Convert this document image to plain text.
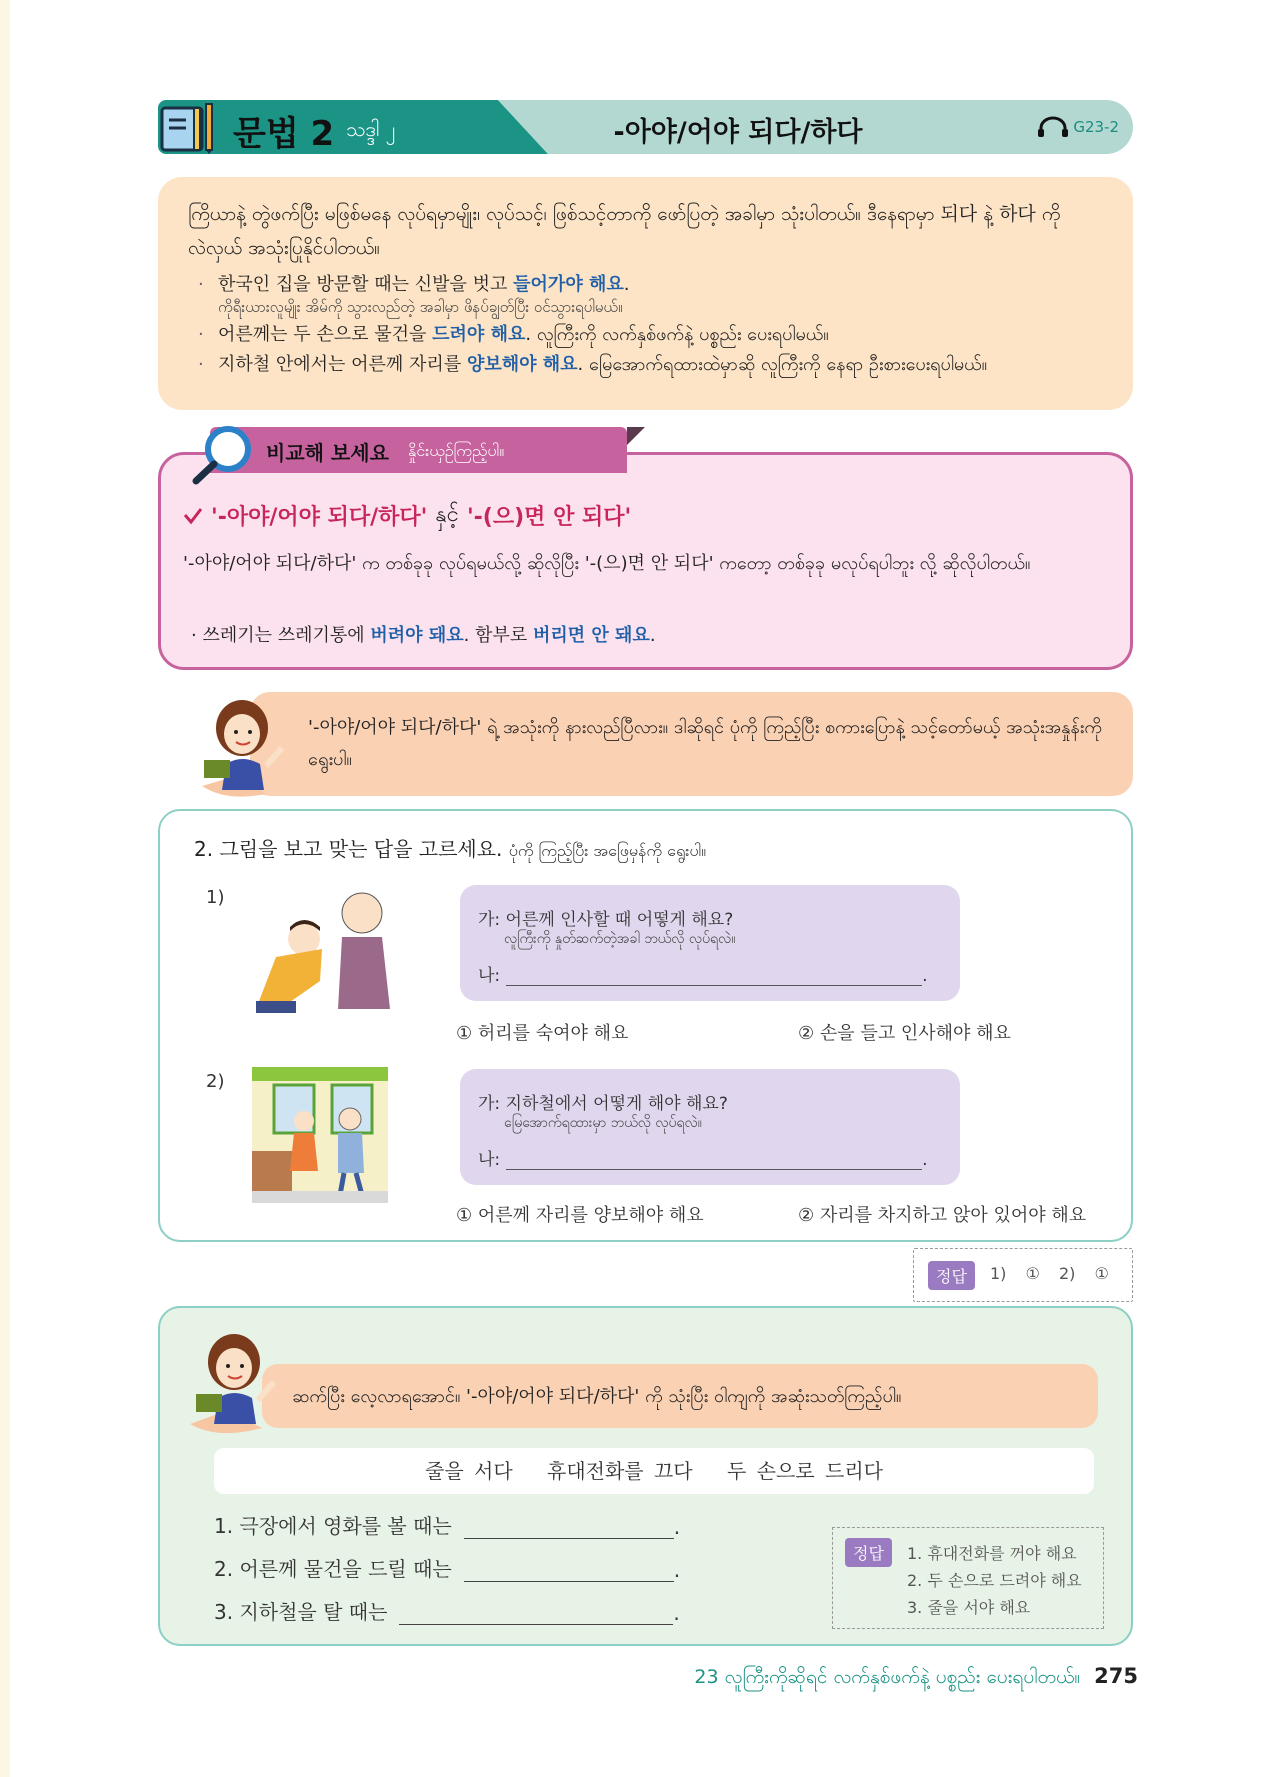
문법 2 သဒ္ဒါ ၂	-아야/어야 되다/하다	G23-2
ကြိယာနဲ့ တွဲဖက်ပြီး မဖြစ်မနေ လုပ်ရမှာမျိုး၊ လုပ်သင့်၊ ဖြစ်သင့်တာကို ဖော်ပြတဲ့ အခါမှာ သုံးပါတယ်။ ဒီနေရာမှာ 되다 နဲ့ 하다 ကို လဲလှယ် အသုံးပြုနိုင်ပါတယ်။
· 한국인 집을 방문할 때는 신발을 벗고 들어가야 해요.
ကိုရီးယားလူမျိုး အိမ်ကို သွားလည်တဲ့ အခါမှာ ဖိနပ်ချွတ်ပြီး ဝင်သွားရပါမယ်။
· 어른께는 두 손으로 물건을 드려야 해요. လူကြီးကို လက်နှစ်ဖက်နဲ့ ပစ္စည်း ပေးရပါမယ်။
· 지하철 안에서는 어른께 자리를 양보해야 해요. မြေအောက်ရထားထဲမှာဆို လူကြီးကို နေရာ ဦးစားပေးရပါမယ်။
'-아야/어야 되다/하다' နှင့် '-(으)면 안 되다'
'-아야/어야 되다/하다' က တစ်ခုခု လုပ်ရမယ်လို့ ဆိုလိုပြီး '-(으)면 안 되다' ကတော့ တစ်ခုခု မလုပ်ရပါဘူး လို့ ဆိုလိုပါတယ်။
· 쓰레기는 쓰레기통에 버려야 돼요. 함부로 버리면 안 돼요.
비교해 보세요 နှိုင်းယှဉ်ကြည့်ပါ။
'-아야/어야 되다/하다' ရဲ့ အသုံးကို နားလည်ပြီလား။ ဒါဆိုရင် ပုံကို ကြည့်ပြီး စကားပြောနဲ့ သင့်တော်မယ့် အသုံးအနှုန်းကို ရွေးပါ။
2. 그림을 보고 맞는 답을 고르세요. ပုံကို ကြည့်ပြီး အဖြေမှန်ကို ရွေးပါ။
1)
가: 어른께 인사할 때 어떻게 해요?
လူကြီးကို နှုတ်ဆက်တဲ့အခါ ဘယ်လို လုပ်ရလဲ။
나:	.
① 허리를 숙여야 해요	② 손을 들고 인사해야 해요
2)
가: 지하철에서 어떻게 해야 해요?
မြေအောက်ရထားမှာ ဘယ်လို လုပ်ရလဲ။
나:	.
① 어른께 자리를 양보해야 해요	② 자리를 차지하고 앉아 있어야 해요
정답	1) ① 2) ①
ဆက်ပြီး လေ့လာရအောင်။ '-아야/어야 되다/하다' ကို သုံးပြီး ဝါကျကို အဆုံးသတ်ကြည့်ပါ။
줄을 서다 휴대전화를 끄다 두 손으로 드리다
1. 극장에서 영화를 볼 때는	.
2. 어른께 물건을 드릴 때는	.
3. 지하철을 탈 때는	.
정답	1. 휴대전화를 꺼야 해요
2. 두 손으로 드려야 해요
3. 줄을 서야 해요
23 လူကြီးကိုဆိုရင် လက်နှစ်ဖက်နဲ့ ပစ္စည်း ပေးရပါတယ်။ 275
